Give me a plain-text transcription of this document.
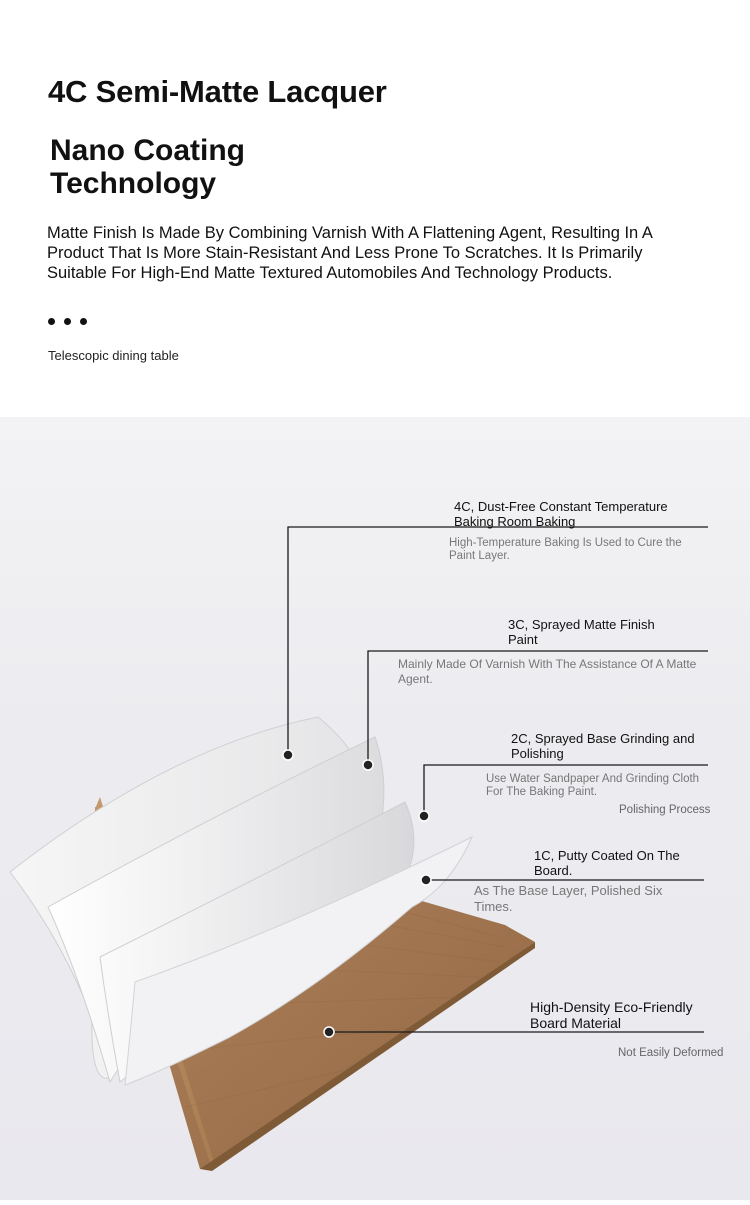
4C Semi-Matte Lacquer
Nano Coating Technology

Matte Finish Is Made By Combining Varnish With A Flattening Agent, Resulting In A Product That Is More Stain-Resistant And Less Prone To Scratches. It Is Primarily Suitable For High-End Matte Textured Automobiles And Technology Products.

Telescopic dining table

4C, Dust-Free Constant Temperature Baking Room Baking

High-Temperature Baking Is Used to Cure the Paint Layer.

3C, Sprayed Matte Finish Paint

Mainly Made Of Varnish With The Assistance Of A Matte Agent.

2C, Sprayed Base Grinding and Polishing

Use Water Sandpaper And Grinding Cloth For The Baking Paint.

Polishing Process

1C, Putty Coated On The Board.

As The Base Layer, Polished Six Times.

High-Density Eco-Friendly Board Material

Not Easily Deformed
